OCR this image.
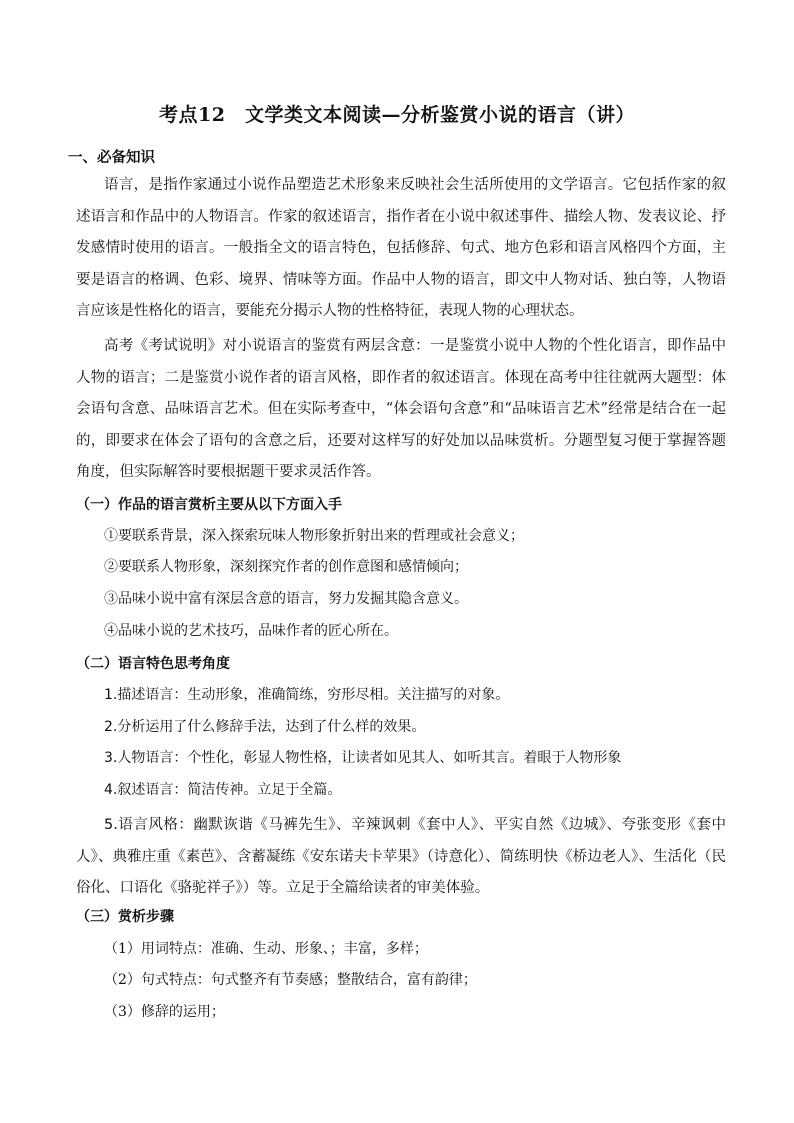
考点12　文学类文本阅读—分析鉴赏小说的语言（讲）
一、必备知识
语言，是指作家通过小说作品塑造艺术形象来反映社会生活所使用的文学语言。它包括作家的叙述语言和作品中的人物语言。作家的叙述语言，指作者在小说中叙述事件、描绘人物、发表议论、抒发感情时使用的语言。一般指全文的语言特色，包括修辞、句式、地方色彩和语言风格四个方面，主要是语言的格调、色彩、境界、情味等方面。作品中人物的语言，即文中人物对话、独白等，人物语言应该是性格化的语言，要能充分揭示人物的性格特征，表现人物的心理状态。
高考《考试说明》对小说语言的鉴赏有两层含意：一是鉴赏小说中人物的个性化语言，即作品中人物的语言；二是鉴赏小说作者的语言风格，即作者的叙述语言。体现在高考中往往就两大题型：体会语句含意、品味语言艺术。但在实际考查中，“体会语句含意”和“品味语言艺术”经常是结合在一起的，即要求在体会了语句的含意之后，还要对这样写的好处加以品味赏析。分题型复习便于掌握答题角度，但实际解答时要根据题干要求灵活作答。
（一）作品的语言赏析主要从以下方面入手
①要联系背景，深入探索玩味人物形象折射出来的哲理或社会意义；
②要联系人物形象，深刻探究作者的创作意图和感情倾向；
③品味小说中富有深层含意的语言，努力发掘其隐含意义。
④品味小说的艺术技巧，品味作者的匠心所在。
（二）语言特色思考角度
1.描述语言：生动形象，准确简练，穷形尽相。关注描写的对象。
2.分析运用了什么修辞手法，达到了什么样的效果。
3.人物语言：个性化，彰显人物性格，让读者如见其人、如听其言。着眼于人物形象
4.叙述语言：简洁传神。立足于全篇。
5.语言风格：幽默诙谐《马裤先生》、辛辣讽刺《套中人》、平实自然《边城》、夸张变形《套中人》、典雅庄重《素芭》、含蓄凝练《安东诺夫卡苹果》（诗意化）、简练明快《桥边老人》、生活化（民俗化、口语化《骆驼祥子》）等。立足于全篇给读者的审美体验。
（三）赏析步骤
（1）用词特点：准确、生动、形象、；丰富，多样；
（2）句式特点：句式整齐有节奏感；整散结合，富有韵律；
（3）修辞的运用；
